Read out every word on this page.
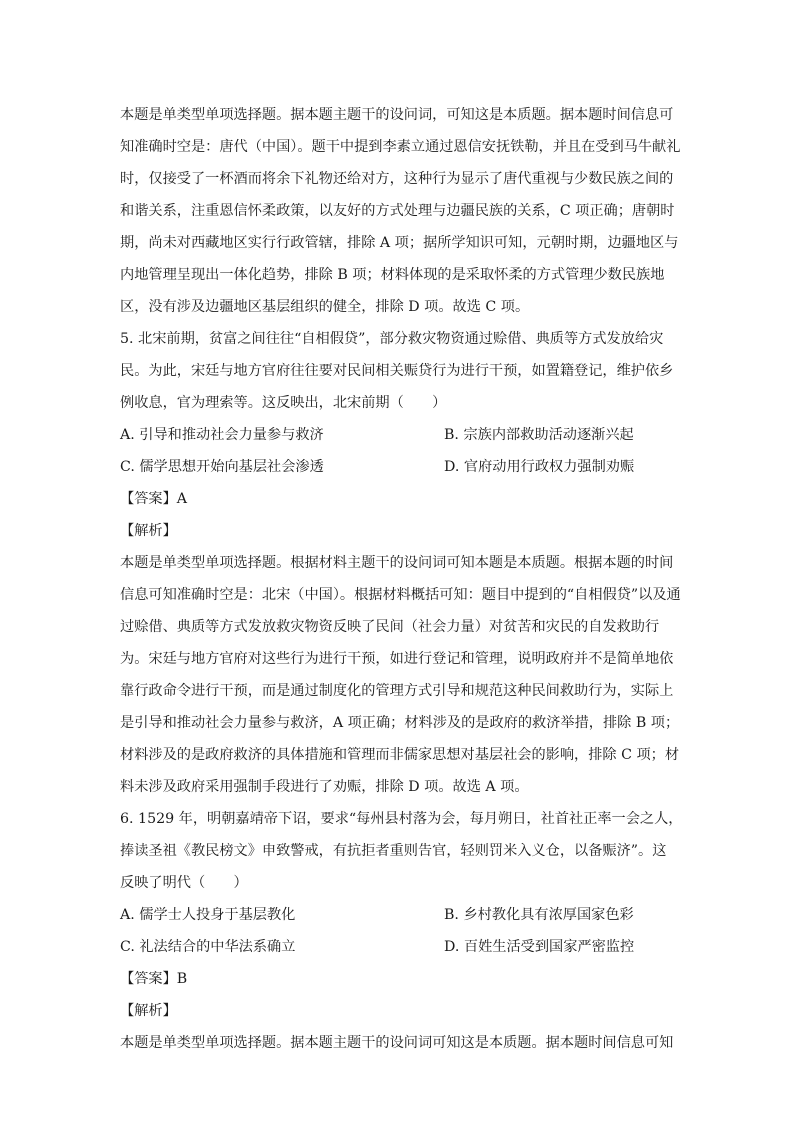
本题是单类型单项选择题。据本题主题干的设问词，可知这是本质题。据本题时间信息可
知准确时空是：唐代（中国）。题干中提到李素立通过恩信安抚铁勒，并且在受到马牛献礼
时，仅接受了一杯酒而将余下礼物还给对方，这种行为显示了唐代重视与少数民族之间的
和谐关系，注重恩信怀柔政策，以友好的方式处理与边疆民族的关系，C 项正确；唐朝时
期，尚未对西藏地区实行行政管辖，排除 A 项；据所学知识可知，元朝时期，边疆地区与
内地管理呈现出一体化趋势，排除 B 项；材料体现的是采取怀柔的方式管理少数民族地
区，没有涉及边疆地区基层组织的健全，排除 D 项。故选 C 项。
5. 北宋前期，贫富之间往往“自相假贷”，部分救灾物资通过赊借、典质等方式发放给灾
民。为此，宋廷与地方官府往往要对民间相关赈贷行为进行干预，如置籍登记，维护依乡
例收息，官为理索等。这反映出，北宋前期（　　）
A. 引导和推动社会力量参与救济	B. 宗族内部救助活动逐渐兴起
C. 儒学思想开始向基层社会渗透	D. 官府动用行政权力强制劝赈
【答案】A
【解析】
本题是单类型单项选择题。根据材料主题干的设问词可知本题是本质题。根据本题的时间
信息可知准确时空是：北宋（中国）。根据材料概括可知：题目中提到的“自相假贷”以及通
过赊借、典质等方式发放救灾物资反映了民间（社会力量）对贫苦和灾民的自发救助行
为。宋廷与地方官府对这些行为进行干预，如进行登记和管理，说明政府并不是简单地依
靠行政命令进行干预，而是通过制度化的管理方式引导和规范这种民间救助行为，实际上
是引导和推动社会力量参与救济，A 项正确；材料涉及的是政府的救济举措，排除 B 项；
材料涉及的是政府救济的具体措施和管理而非儒家思想对基层社会的影响，排除 C 项；材
料未涉及政府采用强制手段进行了劝赈，排除 D 项。故选 A 项。
6. 1529 年，明朝嘉靖帝下诏，要求“每州县村落为会，每月朔日，社首社正率一会之人，
捧读圣祖《教民榜文》申致警戒，有抗拒者重则告官，轻则罚米入义仓，以备赈济”。这
反映了明代（　　）
A. 儒学士人投身于基层教化	B. 乡村教化具有浓厚国家色彩
C. 礼法结合的中华法系确立	D. 百姓生活受到国家严密监控
【答案】B
【解析】
本题是单类型单项选择题。据本题主题干的设问词可知这是本质题。据本题时间信息可知
